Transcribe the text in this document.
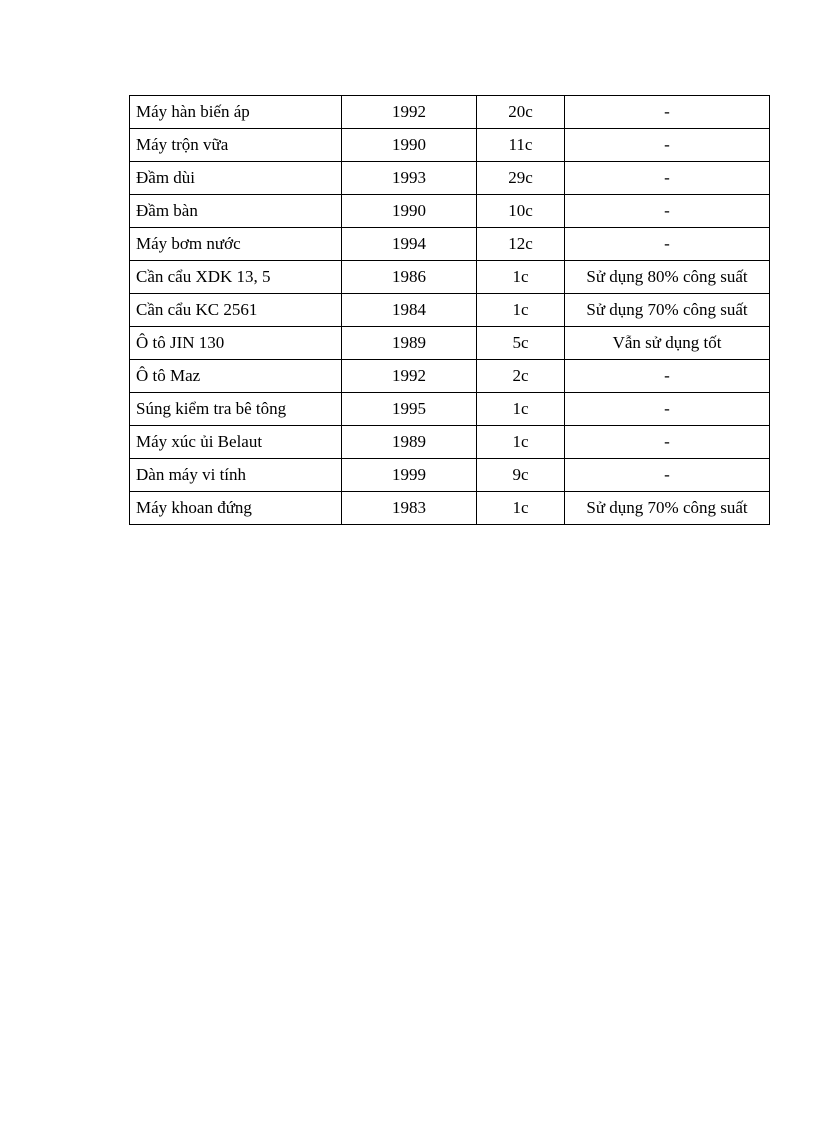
Máy hàn biến áp	1992	20c	-
Máy trộn vữa	1990	11c	-
Đầm dùi	1993	29c	-
Đầm bàn	1990	10c	-
Máy bơm nước	1994	12c	-
Cần cẩu XDK 13, 5	1986	1c	Sử dụng 80% công suất
Cần cẩu KC 2561	1984	1c	Sử dụng 70% công suất
Ô tô JIN 130	1989	5c	Vẫn sử dụng tốt
Ô tô Maz	1992	2c	-
Súng kiểm tra bê tông	1995	1c	-
Máy xúc ủi Belaut	1989	1c	-
Dàn máy vi tính	1999	9c	-
Máy khoan đứng	1983	1c	Sử dụng 70% công suất
